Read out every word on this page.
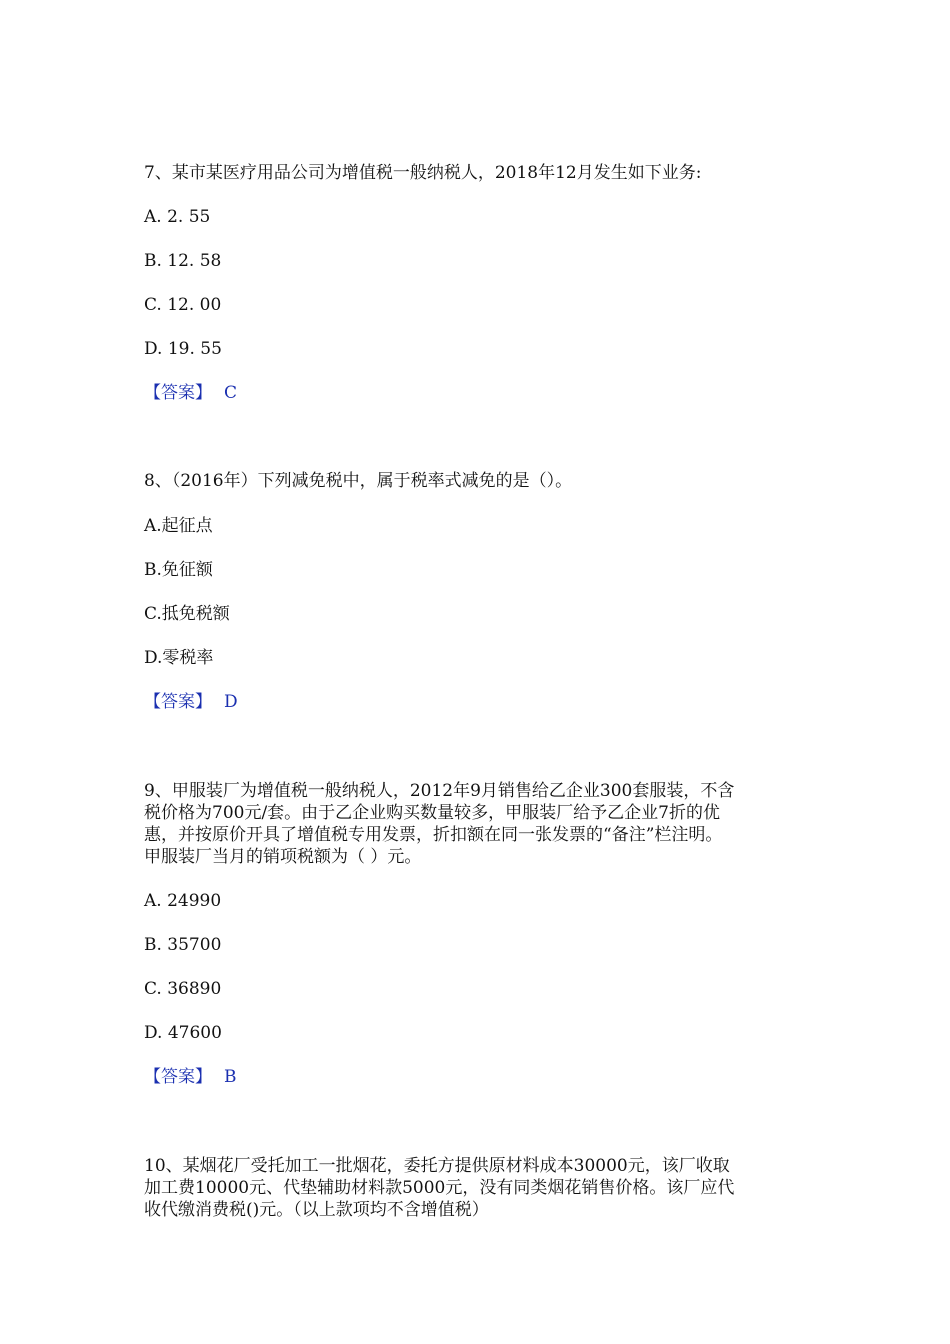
7、某市某医疗用品公司为增值税一般纳税人，2018年12月发生如下业务:
A. 2. 55
B. 12. 58
C. 12. 00
D. 19. 55
【答案】 C
8、（2016年）下列减免税中，属于税率式减免的是（）。
A.起征点
B.免征额
C.抵免税额
D.零税率
【答案】 D
9、甲服装厂为增值税一般纳税人，2012年9月销售给乙企业300套服装，不含
税价格为700元/套。由于乙企业购买数量较多，甲服装厂给予乙企业7折的优
惠，并按原价开具了增值税专用发票，折扣额在同一张发票的“备注”栏注明。
甲服装厂当月的销项税额为（ ）元。
A. 24990
B. 35700
C. 36890
D. 47600
【答案】 B
10、某烟花厂受托加工一批烟花，委托方提供原材料成本30000元，该厂收取
加工费10000元、代垫辅助材料款5000元，没有同类烟花销售价格。该厂应代
收代缴消费税()元。（以上款项均不含增值税）
